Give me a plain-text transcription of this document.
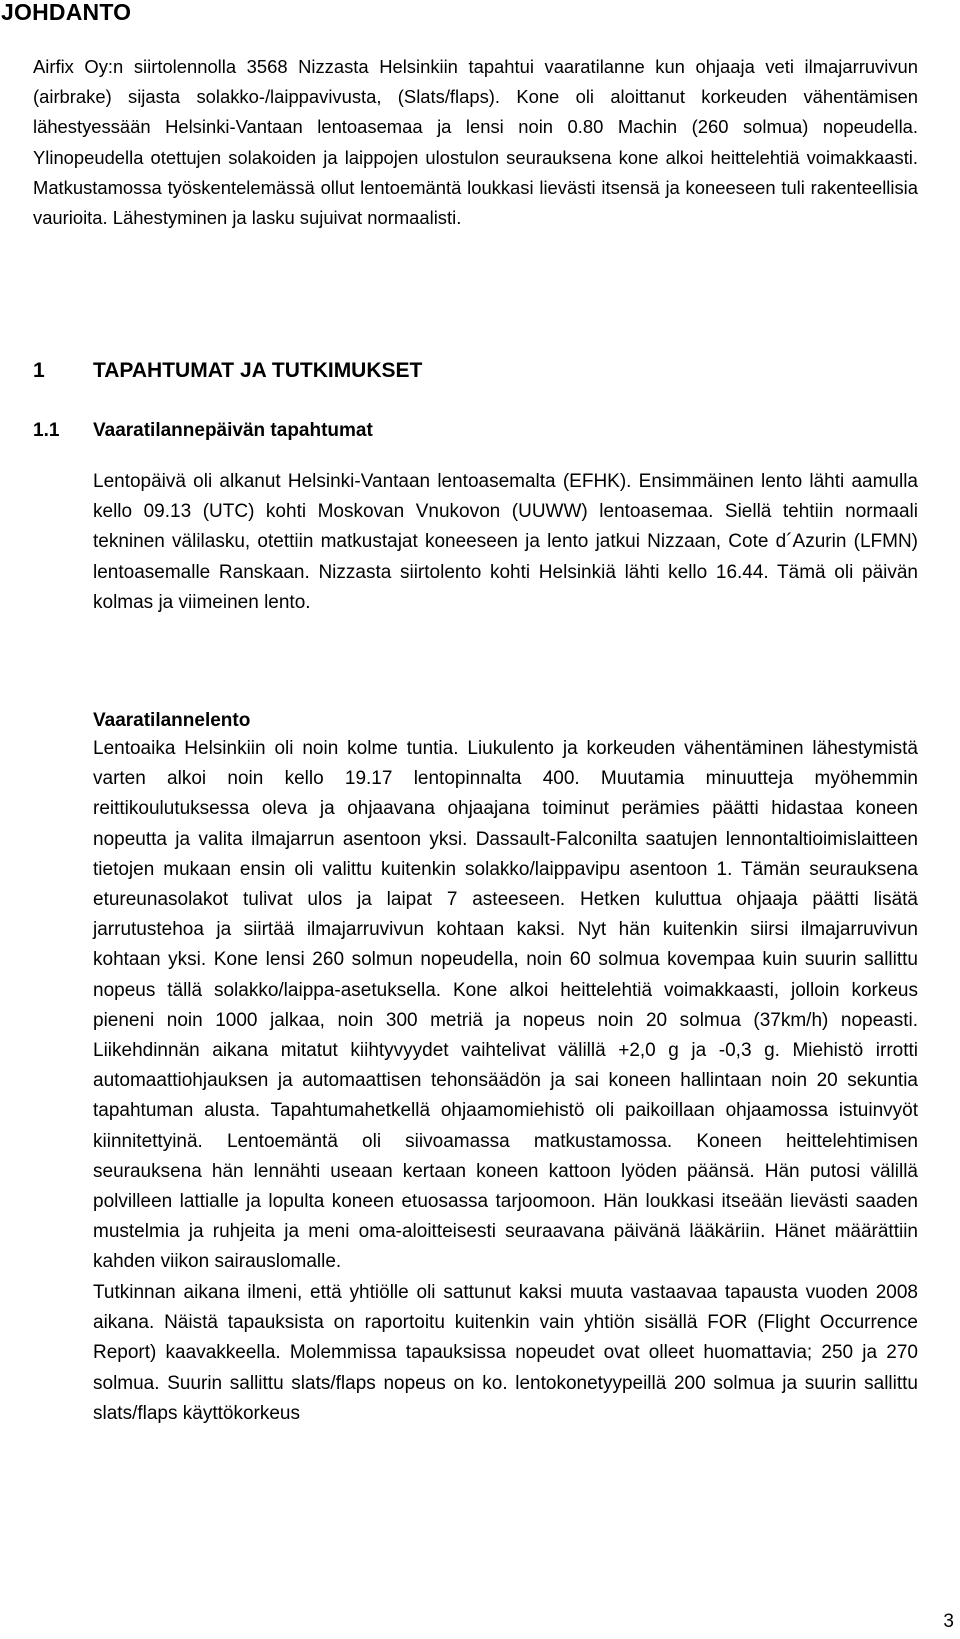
JOHDANTO

Airfix Oy:n siirtolennolla 3568 Nizzasta Helsinkiin tapahtui vaaratilanne kun ohjaaja veti ilmajarruvivun (airbrake) sijasta solakko-/laippavivusta, (Slats/flaps). Kone oli aloittanut korkeuden vähentämisen lähestyessään Helsinki-Vantaan lentoasemaa ja lensi noin 0.80 Machin (260 solmua) nopeudella. Ylinopeudella otettujen solakoiden ja laippojen ulostulon seurauksena kone alkoi heittelehtiä voimakkaasti. Matkustamossa työskentelemässä ollut lentoemäntä loukkasi lievästi itsensä ja koneeseen tuli rakenteellisia vaurioita. Lähestyminen ja lasku sujuivat normaalisti.

1 TAPAHTUMAT JA TUTKIMUKSET
1.1 Vaaratilannepäivän tapahtumat

Lentopäivä oli alkanut Helsinki-Vantaan lentoasemalta (EFHK). Ensimmäinen lento lähti aamulla kello 09.13 (UTC) kohti Moskovan Vnukovon (UUWW) lentoasemaa. Siellä tehtiin normaali tekninen välilasku, otettiin matkustajat koneeseen ja lento jatkui Nizzaan, Cote d´Azurin (LFMN) lentoasemalle Ranskaan. Nizzasta siirtolento kohti Helsinkiä lähti kello 16.44. Tämä oli päivän kolmas ja viimeinen lento.

Vaaratilannelento

Lentoaika Helsinkiin oli noin kolme tuntia. Liukulento ja korkeuden vähentäminen lähestymistä varten alkoi noin kello 19.17 lentopinnalta 400. Muutamia minuutteja myöhemmin reittikoulutuksessa oleva ja ohjaavana ohjaajana toiminut perämies päätti hidastaa koneen nopeutta ja valita ilmajarrun asentoon yksi. Dassault-Falconilta saatujen lennontaltioimislaitteen tietojen mukaan ensin oli valittu kuitenkin solakko/laippavipu asentoon 1. Tämän seurauksena etureunasolakot tulivat ulos ja laipat 7 asteeseen. Hetken kuluttua ohjaaja päätti lisätä jarrutustehoa ja siirtää ilmajarruvivun kohtaan kaksi. Nyt hän kuitenkin siirsi ilmajarruvivun kohtaan yksi. Kone lensi 260 solmun nopeudella, noin 60 solmua kovempaa kuin suurin sallittu nopeus tällä solakko/laippa-asetuksella. Kone alkoi heittelehtiä voimakkaasti, jolloin korkeus pieneni noin 1000 jalkaa, noin 300 metriä ja nopeus noin 20 solmua (37km/h) nopeasti. Liikehdinnän aikana mitatut kiihtyvyydet vaihtelivat välillä +2,0 g ja -0,3 g. Miehistö irrotti automaattiohjauksen ja automaattisen tehonsäädön ja sai koneen hallintaan noin 20 sekuntia tapahtuman alusta. Tapahtumahetkellä ohjaamomiehistö oli paikoillaan ohjaamossa istuinvyöt kiinnitettyinä. Lentoemäntä oli siivoamassa matkustamossa. Koneen heittelehtimisen seurauksena hän lennähti useaan kertaan koneen kattoon lyöden päänsä. Hän putosi välillä polvilleen lattialle ja lopulta koneen etuosassa tarjoomoon. Hän loukkasi itseään lievästi saaden mustelmia ja ruhjeita ja meni oma-aloitteisesti seuraavana päivänä lääkäriin. Hänet määrättiin kahden viikon sairauslomalle.

Tutkinnan aikana ilmeni, että yhtiölle oli sattunut kaksi muuta vastaavaa tapausta vuoden 2008 aikana. Näistä tapauksista on raportoitu kuitenkin vain yhtiön sisällä FOR (Flight Occurrence Report) kaavakkeella. Molemmissa tapauksissa nopeudet ovat olleet huomattavia; 250 ja 270 solmua. Suurin sallittu slats/flaps nopeus on ko. lentokonetyypeillä 200 solmua ja suurin sallittu slats/flaps käyttökorkeus

3
